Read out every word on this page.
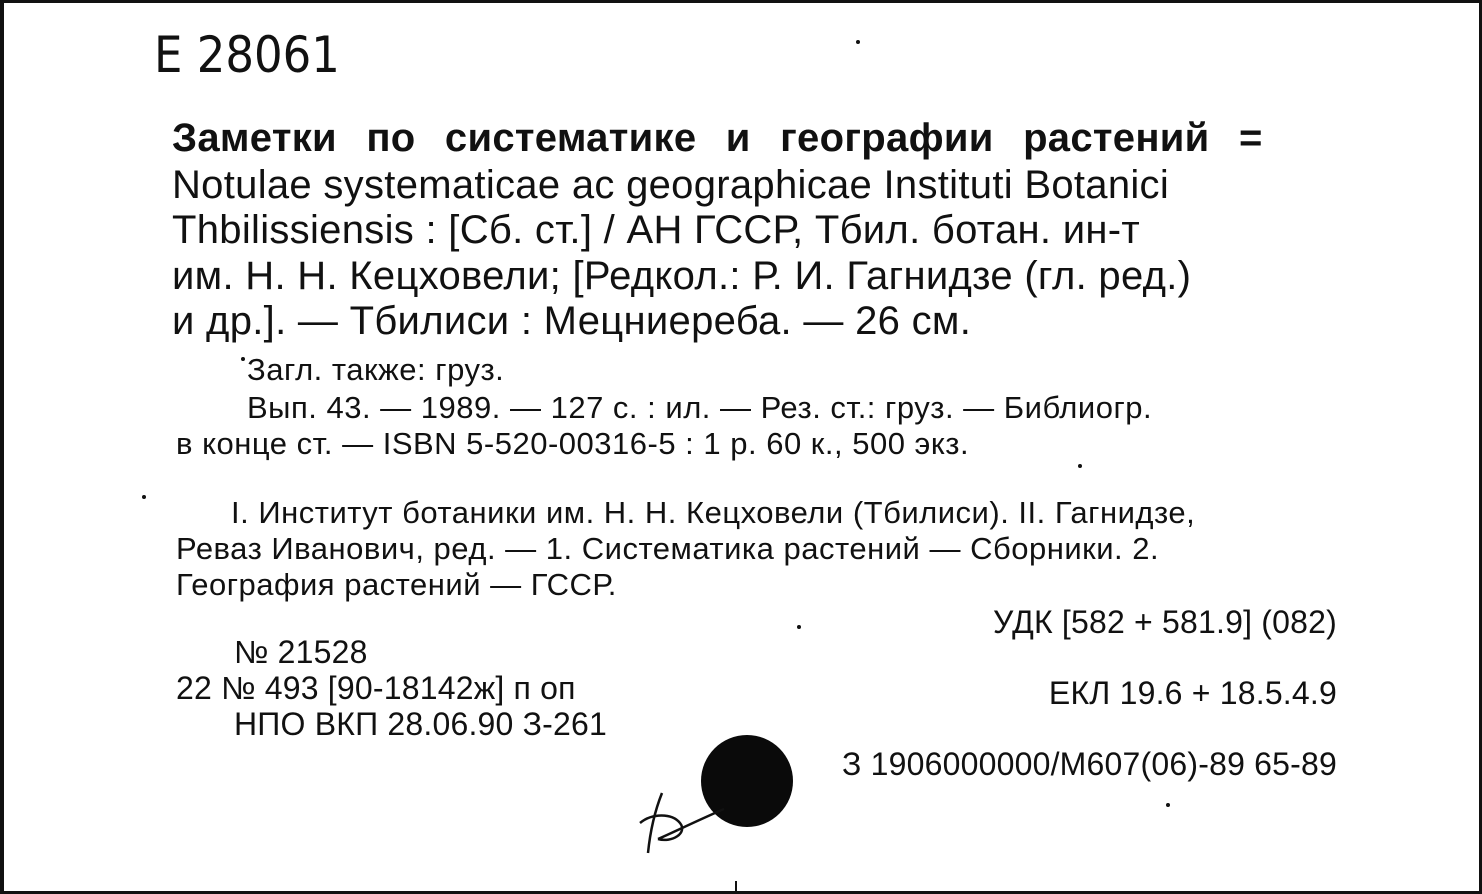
Е 28061
Заметки по систематике и географии растений =
Notulae systematicae ac geographicae Instituti Botanici
Thbilissiensis : [Сб. ст.] / АН ГССР, Тбил. ботан. ин-т
им. Н. Н. Кецховели; [Редкол.: Р. И. Гагнидзе (гл. ред.)
и др.]. — Тбилиси : Мецниереба. — 26 см.
Загл. также: груз.
Вып. 43. — 1989. — 127 с. : ил. — Рез. ст.: груз. — Библиогр.
в конце ст. — ISBN 5-520-00316-5 : 1 р. 60 к., 500 экз.
I. Институт ботаники им. Н. Н. Кецховели (Тбилиси). II. Гагнидзе,
Реваз Иванович, ред. — 1. Систематика растений — Сборники. 2.
География растений — ГССР.
УДК [582 + 581.9] (082)
№ 21528
22 № 493 [90-18142ж] п оп	ЕКЛ 19.6 + 18.5.4.9
НПО ВКП 28.06.90 З-261
З 1906000000/М607(06)-89 65-89
